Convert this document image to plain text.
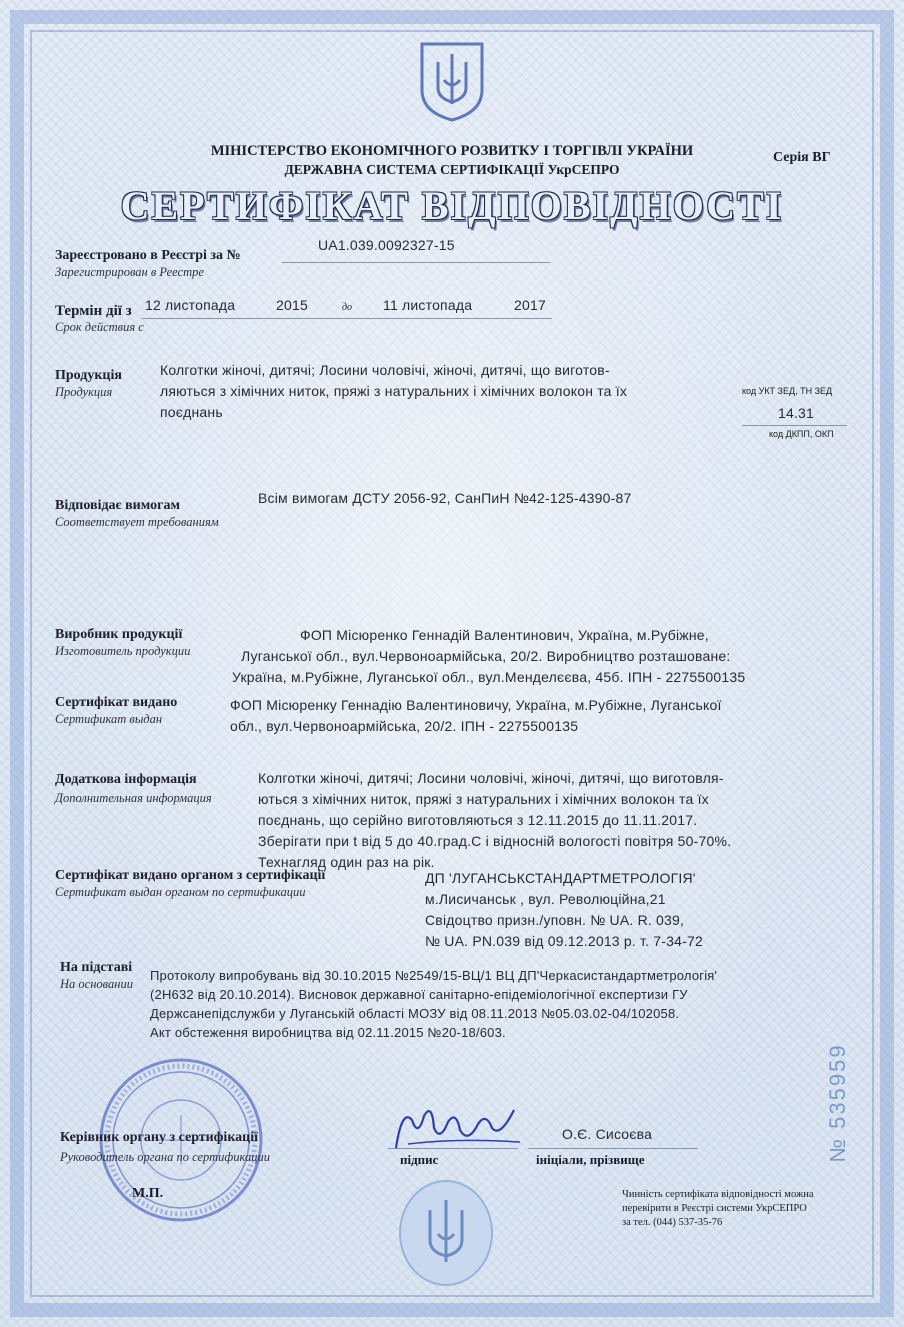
МІНІСТЕРСТВО ЕКОНОМІЧНОГО РОЗВИТКУ І ТОРГІВЛІ УКРАЇНИ
ДЕРЖАВНА СИСТЕМА СЕРТИФІКАЦІЇ УкрСЕПРО
Серія ВГ
СЕРТИФІКАТ ВІДПОВІДНОСТІ
Зареєстровано в Реєстрі за №
Зарегистрирован в Реестре
UA1.039.0092327-15
Термін дії з
Срок действия с
12 листопада	2015	до 11 листопада	2017
Продукція
Продукция
Колготки жіночі, дитячі; Лосини чоловічі, жіночі, дитячі, що виготов-
ляються з хімічних ниток, пряжі з натуральних і хімічних волокон та їх
поєднань
код УКТ ЗЕД, ТН ЗЕД
14.31
код ДКПП, ОКП
Відповідає вимогам
Соответствует требованиям
Всім вимогам ДСТУ 2056-92, СанПиН №42-125-4390-87
Виробник продукції
Изготовитель продукции
ФОП Місюренко Геннадій Валентинович, Україна, м.Рубіжне,
Луганської обл., вул.Червоноармійська, 20/2. Виробництво розташоване:
Україна, м.Рубіжне, Луганської обл., вул.Менделєєва, 45б. ІПН - 2275500135
Сертифікат видано
Сертификат выдан
ФОП Місюренку Геннадію Валентиновичу, Україна, м.Рубіжне, Луганської
обл., вул.Червоноармійська, 20/2. ІПН - 2275500135
Додаткова інформація
Дополнительная информация
Колготки жіночі, дитячі; Лосини чоловічі, жіночі, дитячі, що виготовля-
ються з хімічних ниток, пряжі з натуральних і хімічних волокон та їх
поєднань, що серійно виготовляються з 12.11.2015 до 11.11.2017.
Зберігати при t від 5 до 40.град.С і відносній вологості повітря 50-70%.
Технагляд один раз на рік.
Сертифікат видано органом з сертифікації
Сертификат выдан органом по сертификации
ДП 'ЛУГАНСЬКСТАНДАРТМЕТРОЛОГІЯ'
м.Лисичанськ , вул. Революційна,21
Свідоцтво призн./уповн. № UA. R. 039,
№ UA. PN.039 від 09.12.2013 р. т. 7-34-72
На підставі
На основании
Протоколу випробувань від 30.10.2015 №2549/15-ВЦ/1 ВЦ ДП'Черкасистандартметрологія'
(2Н632 від 20.10.2014). Висновок державної санітарно-епідеміологічної експертизи ГУ
Держсанепідслужби у Луганській області МОЗУ від 08.11.2013 №05.03.02-04/102058.
Акт обстеження виробництва від 02.11.2015 №20-18/603.
Керівник органу з сертифікації
Руководитель органа по сертификации
О.Є. Сисоєва
підпис	ініціали, прізвище
М.П.	Чинність сертифіката відповідності можна
перевірити в Реєстрі системи УкрСЕПРО
за тел. (044) 537-35-76
№ 535959
